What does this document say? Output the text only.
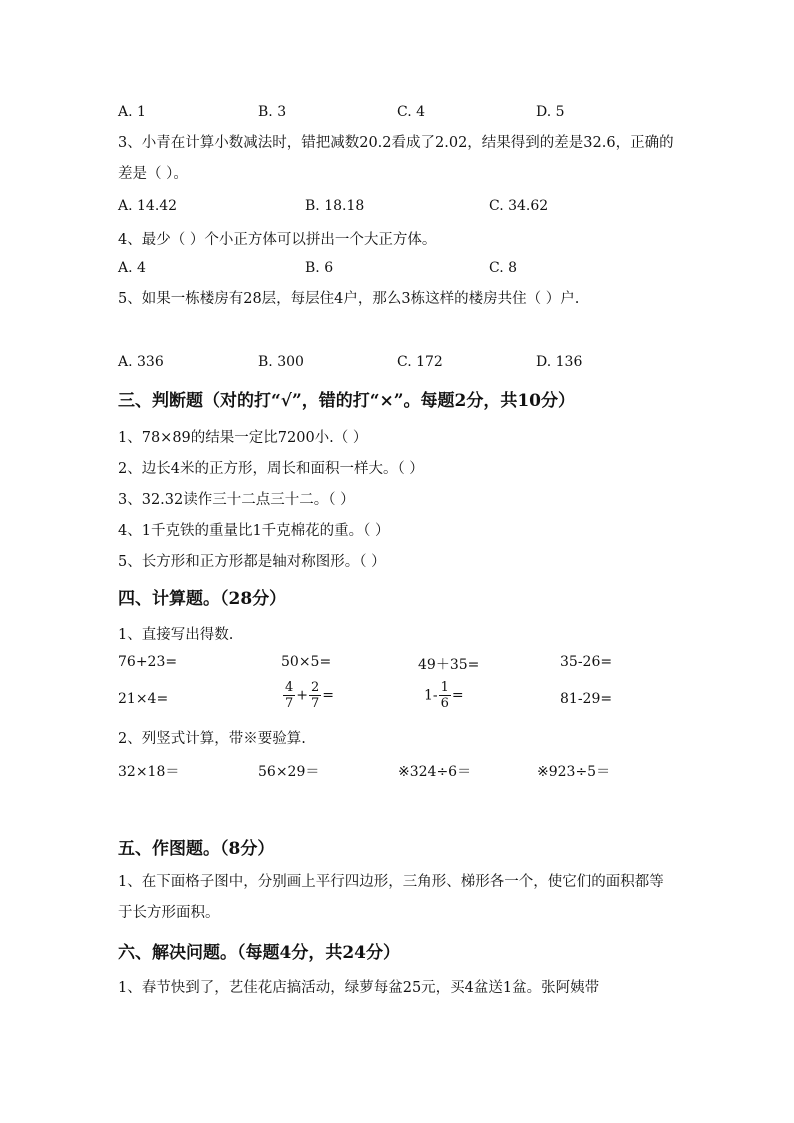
A. 1	B. 3	C. 4	D. 5
3、小青在计算小数减法时，错把减数20.2看成了2.02，结果得到的差是32.6，正确的差是（ ）。
A. 14.42	B. 18.18	C. 34.62
4、最少（ ）个小正方体可以拼出一个大正方体。
A. 4	B. 6	C. 8
5、如果一栋楼房有28层，每层住4户，那么3栋这样的楼房共住（ ）户.
A. 336	B. 300	C. 172	D. 136
三、判断题（对的打“√”，错的打“×”。每题2分，共10分）
1、78×89的结果一定比7200小.（ ）
2、边长4米的正方形，周长和面积一样大。（ ）
3、32.32读作三十二点三十二。（ ）
4、1千克铁的重量比1千克棉花的重。（ ）
5、长方形和正方形都是轴对称图形。（ ）
四、计算题。（28分）
1、直接写出得数.
76+23=	50×5=	49＋35=	35-26=
21×4=	$\frac{4}{7} + \frac{2}{7}$ =	$1- \frac{1}{6}$ =	81-29=
2、列竖式计算，带※要验算.
32×18＝	56×29＝	※324÷6＝	※923÷5＝
五、作图题。（8分）
1、在下面格子图中，分别画上平行四边形，三角形、梯形各一个，使它们的面积都等于长方形面积。
六、解决问题。（每题4分，共24分）
1、春节快到了，艺佳花店搞活动，绿萝每盆25元，买4盆送1盆。张阿姨带
